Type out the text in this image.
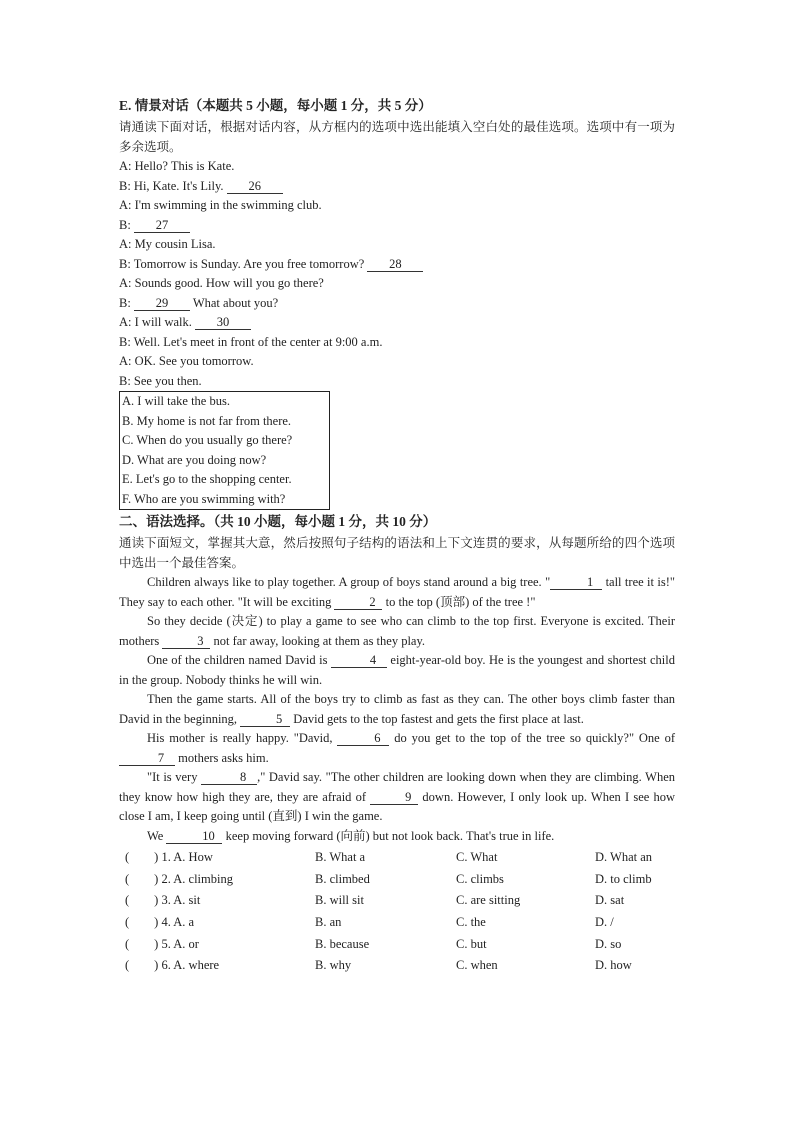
E. 情景对话（本题共 5 小题，每小题 1 分，共 5 分）
请通读下面对话，根据对话内容，从方框内的选项中选出能填入空白处的最佳选项。选项中有一项为多余选项。
A: Hello? This is Kate.
B: Hi, Kate. It's Lily. 26
A: I'm swimming in the swimming club.
B: 27
A: My cousin Lisa.
B: Tomorrow is Sunday. Are you free tomorrow? 28
A: Sounds good. How will you go there?
B: 29 What about you?
A: I will walk. 30
B: Well. Let's meet in front of the center at 9:00 a.m.
A: OK. See you tomorrow.
B: See you then.
A. I will take the bus.
B. My home is not far from there.
C. When do you usually go there?
D. What are you doing now?
E. Let's go to the shopping center.
F. Who are you swimming with?
二、语法选择。（共 10 小题，每小题 1 分，共 10 分）
通读下面短文，掌握其大意，然后按照句子结构的语法和上下文连贯的要求，从每题所给的四个选项中选出一个最佳答案。
Children always like to play together. A group of boys stand around a big tree. "	1 tall tree it is!" They say to each other. "It will be exciting	2 to the top (顶部) of the tree !"
So they decide (决定) to play a game to see who can climb to the top first. Everyone is excited. Their mothers	3 not far away, looking at them as they play.
One of the children named David is	4 eight-year-old boy. He is the youngest and shortest child in the group. Nobody thinks he will win.
Then the game starts. All of the boys try to climb as fast as they can. The other boys climb faster than David in the beginning,	5 David gets to the top fastest and gets the first place at last.
His mother is really happy. "David,	6 do you get to the top of the tree so quickly?" One of 7 mothers asks him.
"It is very	8 ," David say. "The other children are looking down when they are climbing. When they know how high they are, they are afraid of	9 down. However, I only look up. When I see how close I am, I keep going until (直到) I win the game.
We	10 keep moving forward (向前) but not look back. That's true in life.
(　　) 1. A. How	B. What a	C. What	D. What an
(　　) 2. A. climbing	B. climbed	C. climbs	D. to climb
(　　) 3. A. sit	B. will sit	C. are sitting	D. sat
(　　) 4. A. a	B. an	C. the	D. /
(　　) 5. A. or	B. because	C. but	D. so
(　　) 6. A. where	B. why	C. when	D. how
